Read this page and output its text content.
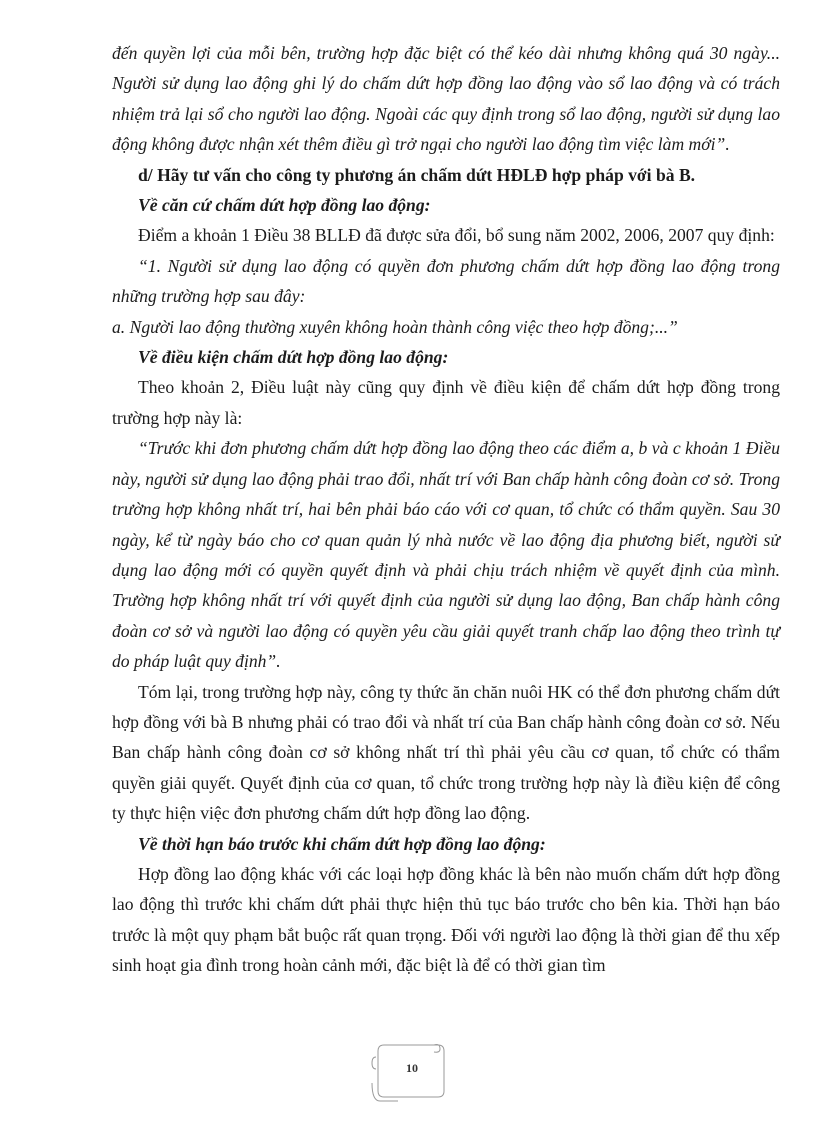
đến quyền lợi của mỗi bên, trường hợp đặc biệt có thể kéo dài nhưng không quá 30 ngày... Người sử dụng lao động ghi lý do chấm dứt hợp đồng lao động vào sổ lao động và có trách nhiệm trả lại sổ cho người lao động. Ngoài các quy định trong sổ lao động, người sử dụng lao động không được nhận xét thêm điều gì trở ngại cho người lao động tìm việc làm mới”.

d/ Hãy tư vấn cho công ty phương án chấm dứt HĐLĐ hợp pháp với bà B.

Về căn cứ chấm dứt hợp đồng lao động:

Điểm a khoản 1 Điều 38 BLLĐ đã được sửa đổi, bổ sung năm 2002, 2006, 2007 quy định:

“1. Người sử dụng lao động có quyền đơn phương chấm dứt hợp đồng lao động trong những trường hợp sau đây:

a. Người lao động thường xuyên không hoàn thành công việc theo hợp đồng;...”

Về điều kiện chấm dứt hợp đồng lao động:

Theo khoản 2, Điều luật này cũng quy định về điều kiện để chấm dứt hợp đồng trong trường hợp này là:

“Trước khi đơn phương chấm dứt hợp đồng lao động theo các điểm a, b và c khoản 1 Điều này, người sử dụng lao động phải trao đổi, nhất trí với Ban chấp hành công đoàn cơ sở. Trong trường hợp không nhất trí, hai bên phải báo cáo với cơ quan, tổ chức có thẩm quyền. Sau 30 ngày, kể từ ngày báo cho cơ quan quản lý nhà nước về lao động địa phương biết, người sử dụng lao động mới có quyền quyết định và phải chịu trách nhiệm về quyết định của mình. Trường hợp không nhất trí với quyết định của người sử dụng lao động, Ban chấp hành công đoàn cơ sở và người lao động có quyền yêu cầu giải quyết tranh chấp lao động theo trình tự do pháp luật quy định”.

Tóm lại, trong trường hợp này, công ty thức ăn chăn nuôi HK có thể đơn phương chấm dứt hợp đồng với bà B nhưng phải có trao đổi và nhất trí của Ban chấp hành công đoàn cơ sở. Nếu Ban chấp hành công đoàn cơ sở không nhất trí thì phải yêu cầu cơ quan, tổ chức có thẩm quyền giải quyết. Quyết định của cơ quan, tổ chức trong trường hợp này là điều kiện để công ty thực hiện việc đơn phương chấm dứt hợp đồng lao động.

Về thời hạn báo trước khi chấm dứt hợp đồng lao động:

Hợp đồng lao động khác với các loại hợp đồng khác là bên nào muốn chấm dứt hợp đồng lao động thì trước khi chấm dứt phải thực hiện thủ tục báo trước cho bên kia. Thời hạn báo trước là một quy phạm bắt buộc rất quan trọng. Đối với người lao động là thời gian để thu xếp sinh hoạt gia đình trong hoàn cảnh mới, đặc biệt là để có thời gian tìm

10
